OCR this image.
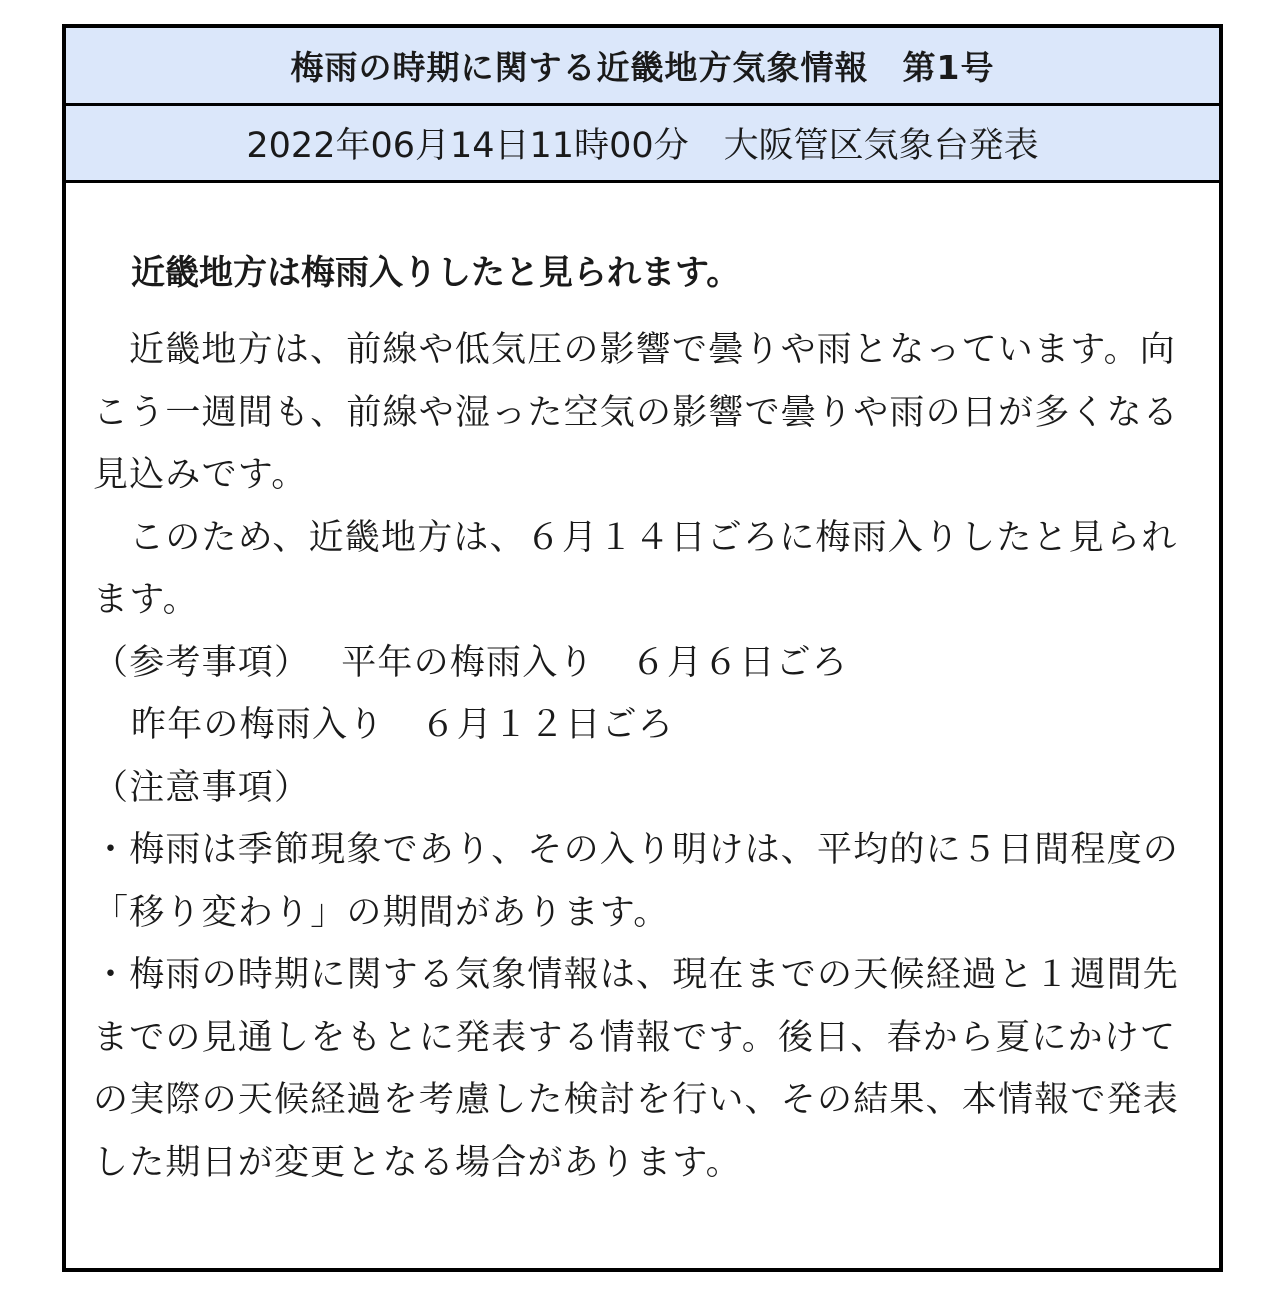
梅雨の時期に関する近畿地方気象情報　第1号
2022年06月14日11時00分　大阪管区気象台発表
近畿地方は梅雨入りしたと見られます。

近畿地方は、前線や低気圧の影響で曇りや雨となっています。向こう一週間も、前線や湿った空気の影響で曇りや雨の日が多くなる見込みです。

このため、近畿地方は、６月１４日ごろに梅雨入りしたと見られます。

（参考事項）　 平年の梅雨入り　６月６日ごろ

昨年の梅雨入り　６月１２日ごろ

（注意事項）

・梅雨は季節現象であり、その入り明けは、平均的に５日間程度の「移り変わり」の期間があります。

・梅雨の時期に関する気象情報は、現在までの天候経過と１週間先までの見通しをもとに発表する情報です。後日、春から夏にかけての実際の天候経過を考慮した検討を行い、その結果、本情報で発表した期日が変更となる場合があります。
